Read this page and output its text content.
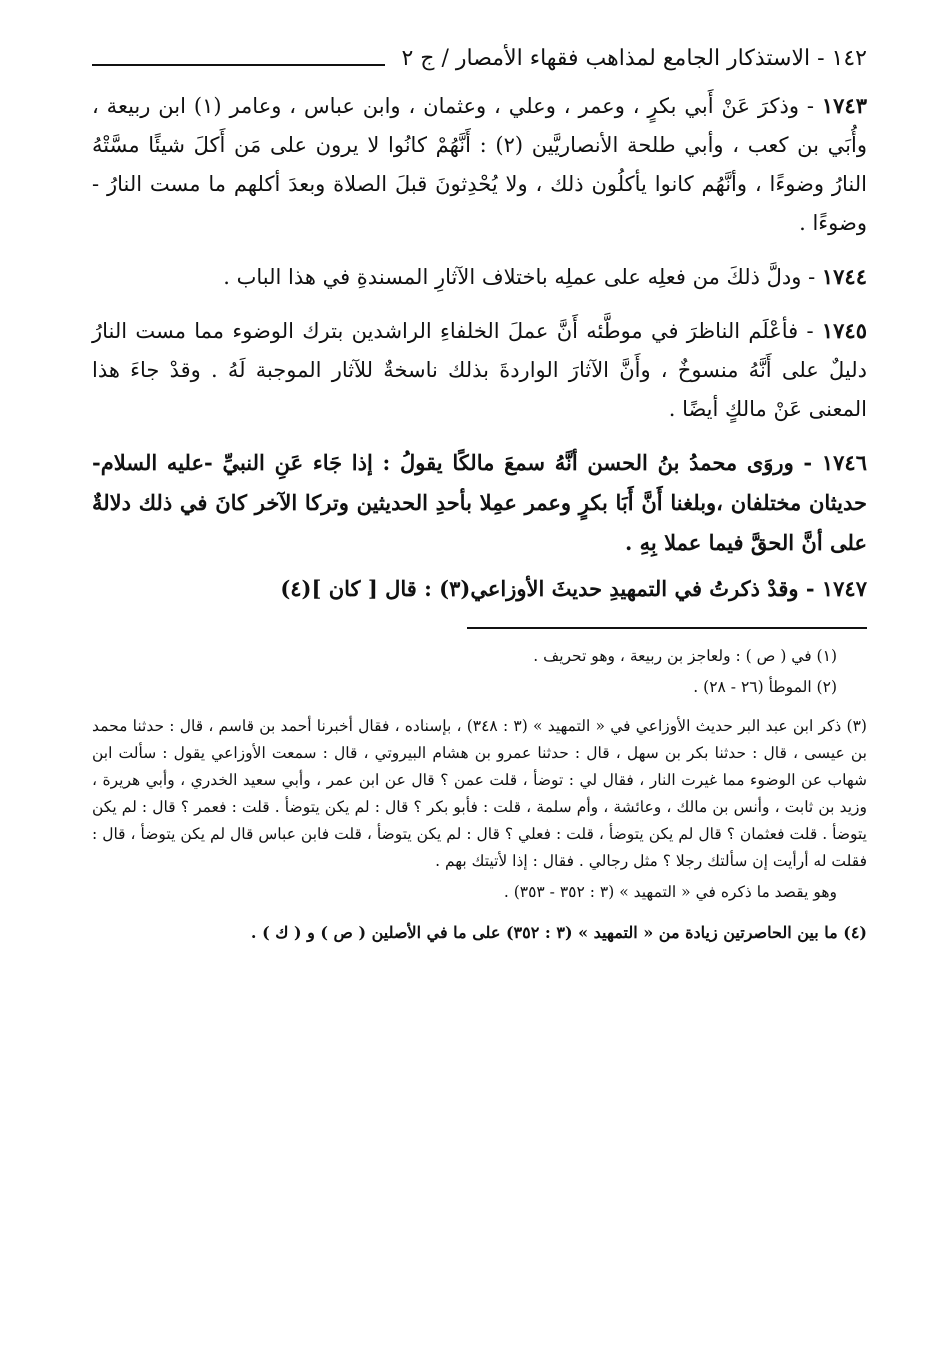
١٤٢ - الاستذكار الجامع لمذاهب فقهاء الأمصار / ج ٢

١٧٤٣ - وذكرَ عَنْ أَبي بكرٍ ، وعمر ، وعلي ، وعثمان ، وابن عباس ، وعامر (١) ابن ربيعة ، وأُبَي بن كعب ، وأبي طلحة الأنصاريَّين (٢) : أَنَّهُمْ كانُوا لا يرون على مَن أَكلَ شيئًا مسَّتْهُ النارُ وضوءًا ، وأنَّهُم كانوا يأكلُون ذلك ، ولا يُحْدِثونَ قبلَ الصلاة وبعدَ أكلهم ما مست النارُ - وضوءًا .

١٧٤٤ - ودلَّ ذلكَ من فعلِه على عملِه باختلاف الآثارِ المسندةِ في هذا الباب .

١٧٤٥ - فأعْلَم الناظرَ في موطَّئه أَنَّ عملَ الخلفاءِ الراشدين بترك الوضوء مما مست النارُ دليلٌ على أَنَّهُ منسوخٌ ، وأَنَّ الآثارَ الواردةَ بذلك ناسخةٌ للآثار الموجبة لَهُ . وقدْ جاءَ هذا المعنى عَنْ مالكٍ أيضًا .

١٧٤٦ - وروَى محمدُ بنُ الحسن أنَّهُ سمعَ مالكًا يقولُ : إذا جَاء عَنِ النبيِّ -عليه السلام- حديثان مختلفان ،وبلغنا أَنَّ أَبَا بكرٍ وعمر عمِلا بأحدِ الحديثين وتركا الآخر كانَ في ذلك دلالةٌ على أنَّ الحقَّ فيما عملا بِهِ .

١٧٤٧ - وقدْ ذكرتُ في التمهيدِ حديثَ الأوزاعي(٣) : قال [ كان ](٤)

(١) في ( ص ) : ولعاجز بن ربيعة ، وهو تحريف .

(٢) الموطأ (٢٦ - ٢٨) .

(٣) ذكر ابن عبد البر حديث الأوزاعي في « التمهيد » (٣ : ٣٤٨) ، بإسناده ، فقال أخبرنا أحمد بن قاسم ، قال : حدثنا محمد بن عيسى ، قال : حدثنا بكر بن سهل ، قال : حدثنا عمرو بن هشام البيروتي ، قال : سمعت الأوزاعي يقول : سألت ابن شهاب عن الوضوء مما غيرت النار ، فقال لي : توضأ ، قلت عمن ؟ قال عن ابن عمر ، وأبي سعيد الخدري ، وأبي هريرة ، وزيد بن ثابت ، وأنس بن مالك ، وعائشة ، وأم سلمة ، قلت : فأبو بكر ؟ قال : لم يكن يتوضأ . قلت : فعمر ؟ قال : لم يكن يتوضأ . قلت فعثمان ؟ قال لم يكن يتوضأ ، قلت : فعلي ؟ قال : لم يكن يتوضأ ، قلت فابن عباس قال لم يكن يتوضأ ، قال : فقلت له أرأيت إن سألتك رجلا ؟ مثل رجالي . فقال : إذا لأتيتك بهم .

وهو يقصد ما ذكره في « التمهيد » (٣ : ٣٥٢ - ٣٥٣) .

(٤) ما بين الحاصرتين زيادة من « التمهيد » (٣ : ٣٥٢) على ما في الأصلين ( ص ) و ( ك ) .
